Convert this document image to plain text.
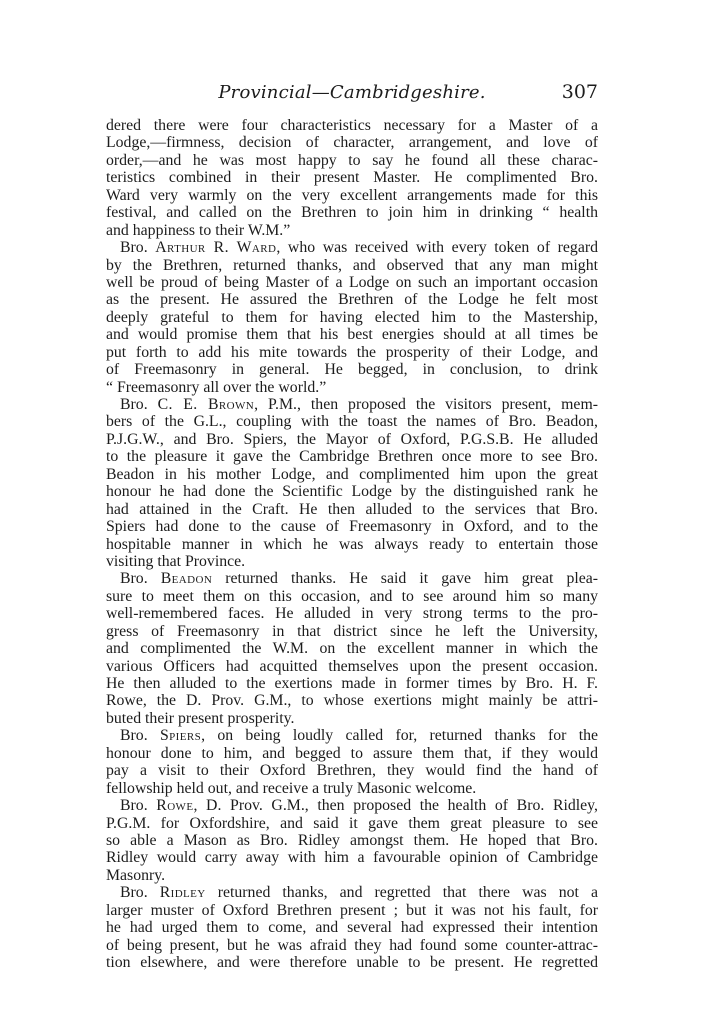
Provincial—Cambridgeshire.	307
dered there were four characteristics necessary for a Master of a
Lodge,—firmness, decision of character, arrangement, and love of
order,—and he was most happy to say he found all these charac-
teristics combined in their present Master. He complimented Bro.
Ward very warmly on the very excellent arrangements made for this
festival, and called on the Brethren to join him in drinking “ health
and happiness to their W.M.”
Bro. Arthur R. Ward, who was received with every token of regard
by the Brethren, returned thanks, and observed that any man might
well be proud of being Master of a Lodge on such an important occasion
as the present. He assured the Brethren of the Lodge he felt most
deeply grateful to them for having elected him to the Mastership,
and would promise them that his best energies should at all times be
put forth to add his mite towards the prosperity of their Lodge, and
of Freemasonry in general. He begged, in conclusion, to drink
“ Freemasonry all over the world.”
Bro. C. E. Brown, P.M., then proposed the visitors present, mem-
bers of the G.L., coupling with the toast the names of Bro. Beadon,
P.J.G.W., and Bro. Spiers, the Mayor of Oxford, P.G.S.B. He alluded
to the pleasure it gave the Cambridge Brethren once more to see Bro.
Beadon in his mother Lodge, and complimented him upon the great
honour he had done the Scientific Lodge by the distinguished rank he
had attained in the Craft. He then alluded to the services that Bro.
Spiers had done to the cause of Freemasonry in Oxford, and to the
hospitable manner in which he was always ready to entertain those
visiting that Province.
Bro. Beadon returned thanks. He said it gave him great plea-
sure to meet them on this occasion, and to see around him so many
well-remembered faces. He alluded in very strong terms to the pro-
gress of Freemasonry in that district since he left the University,
and complimented the W.M. on the excellent manner in which the
various Officers had acquitted themselves upon the present occasion.
He then alluded to the exertions made in former times by Bro. H. F.
Rowe, the D. Prov. G.M., to whose exertions might mainly be attri-
buted their present prosperity.
Bro. Spiers, on being loudly called for, returned thanks for the
honour done to him, and begged to assure them that, if they would
pay a visit to their Oxford Brethren, they would find the hand of
fellowship held out, and receive a truly Masonic welcome.
Bro. Rowe, D. Prov. G.M., then proposed the health of Bro. Ridley,
P.G.M. for Oxfordshire, and said it gave them great pleasure to see
so able a Mason as Bro. Ridley amongst them. He hoped that Bro.
Ridley would carry away with him a favourable opinion of Cambridge
Masonry.
Bro. Ridley returned thanks, and regretted that there was not a
larger muster of Oxford Brethren present ; but it was not his fault, for
he had urged them to come, and several had expressed their intention
of being present, but he was afraid they had found some counter-attrac-
tion elsewhere, and were therefore unable to be present. He regretted
